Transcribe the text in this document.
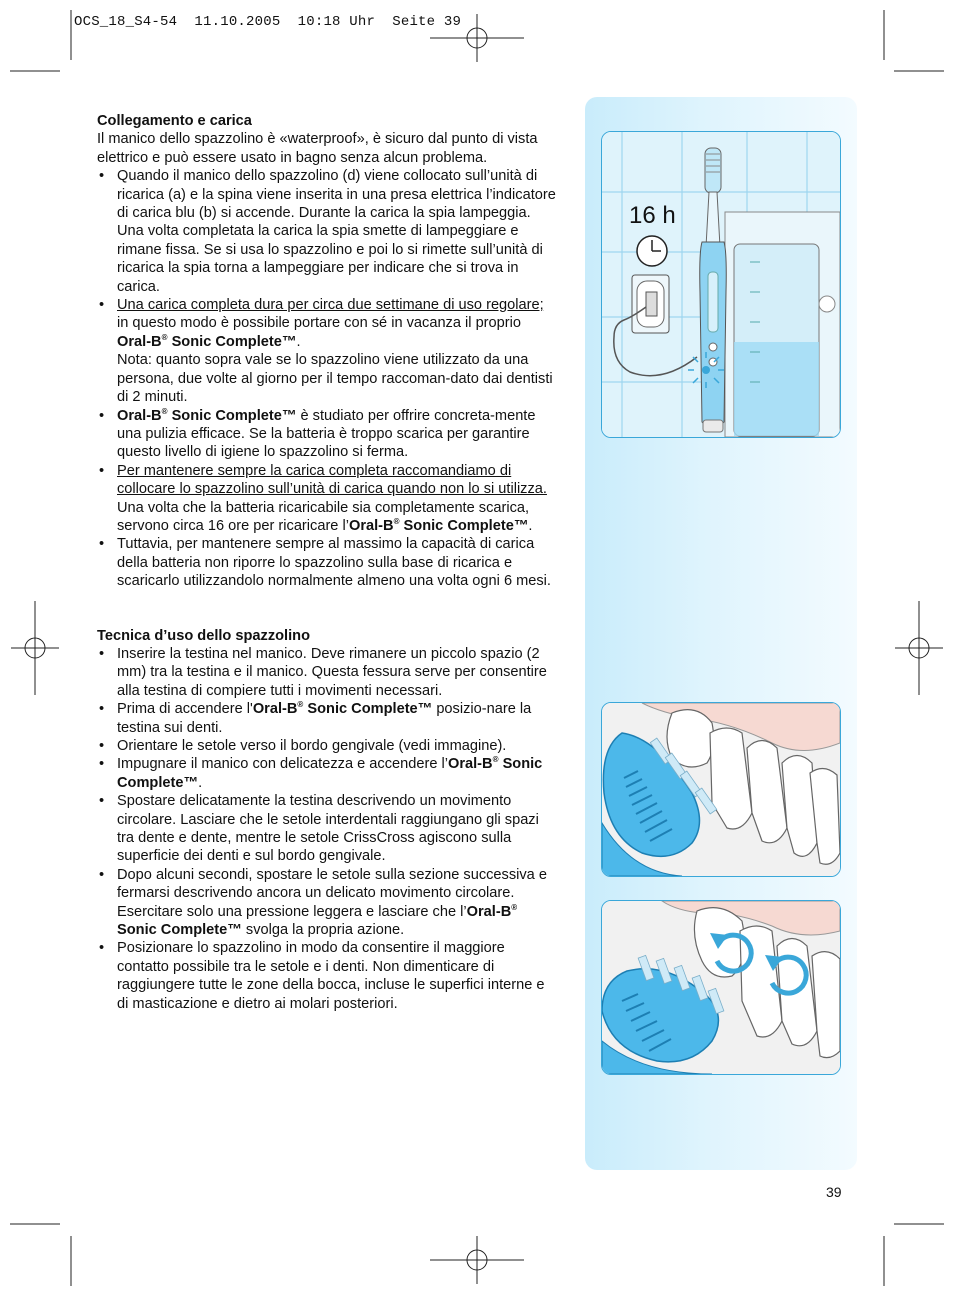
OCS_18_S4-54  11.10.2005  10:18 Uhr  Seite 39

Collegamento e carica

Il manico dello spazzolino è «waterproof», è sicuro dal punto di vista elettrico e può essere usato in bagno senza alcun problema.

• Quando il manico dello spazzolino (d) viene collocato sull’unità di ricarica (a) e la spina viene inserita in una presa elettrica l’indicatore di carica blu (b) si accende. Durante la carica la spia lampeggia. Una volta completata la carica la spia smette di lampeggiare e rimane fissa. Se si usa lo spazzolino e poi lo si rimette sull’unità di ricarica la spia torna a lampeggiare per indicare che si trova in carica.
• Una carica completa dura per circa due settimane di uso regolare; in questo modo è possibile portare con sé in vacanza il proprio Oral-B® Sonic Complete™.
Nota: quanto sopra vale se lo spazzolino viene utilizzato da una persona, due volte al giorno per il tempo raccoman-dato dai dentisti di 2 minuti.
• Oral-B® Sonic Complete™ è studiato per offrire concreta-mente una pulizia efficace. Se la batteria è troppo scarica per garantire questo livello di igiene lo spazzolino si ferma.
• Per mantenere sempre la carica completa raccomandiamo di collocare lo spazzolino sull’unità di carica quando non lo si utilizza. Una volta che la batteria ricaricabile sia completamente scarica, servono circa 16 ore per ricaricare l’Oral-B® Sonic Complete™.
• Tuttavia, per mantenere sempre al massimo la capacità di carica della batteria non riporre lo spazzolino sulla base di ricarica e scaricarlo utilizzandolo normalmente almeno una volta ogni 6 mesi.

Tecnica d’uso dello spazzolino

• Inserire la testina nel manico. Deve rimanere un piccolo spazio (2 mm) tra la testina e il manico. Questa fessura serve per consentire alla testina di compiere tutti i movimenti necessari.
• Prima di accendere l'Oral-B® Sonic Complete™ posizio-nare la testina sui denti.
• Orientare le setole verso il bordo gengivale (vedi immagine).
• Impugnare il manico con delicatezza e accendere l’Oral-B® Sonic Complete™.
• Spostare delicatamente la testina descrivendo un movimento circolare. Lasciare che le setole interdentali raggiungano gli spazi tra dente e dente, mentre le setole CrissCross agiscono sulla superficie dei denti e sul bordo gengivale.
• Dopo alcuni secondi, spostare le setole sulla sezione successiva e fermarsi descrivendo ancora un delicato movimento circolare. Esercitare solo una pressione leggera e lasciare che l’Oral-B® Sonic Complete™ svolga la propria azione.
• Posizionare lo spazzolino in modo da consentire il maggiore contatto possibile tra le setole e i denti. Non dimenticare di raggiungere tutte le zone della bocca, incluse le superfici interne e di masticazione e dietro ai molari posteriori.
16 h
39
